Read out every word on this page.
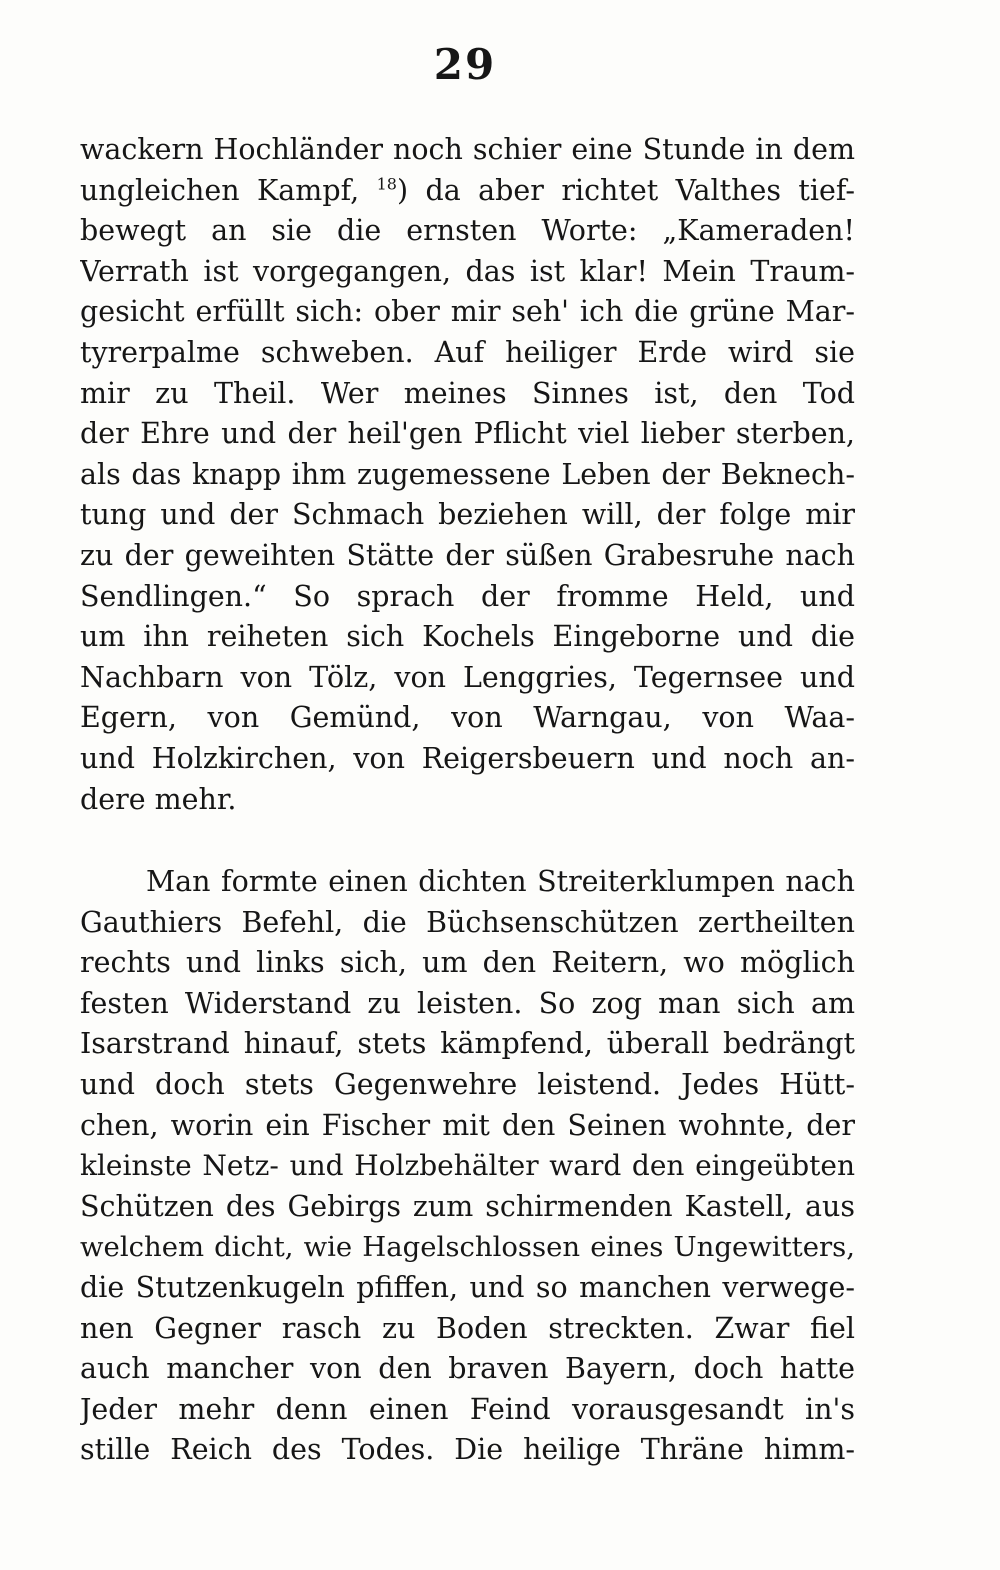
29
wackern Hochländer noch schier eine Stunde in dem
ungleichen Kampf, $^{18}$) da aber richtet Valthes tief-
bewegt an sie die ernsten Worte: „Kameraden!
Verrath ist vorgegangen, das ist klar! Mein Traum-
gesicht erfüllt sich: ober mir seh' ich die grüne Mar-
tyrerpalme schweben. Auf heiliger Erde wird sie
mir zu Theil. Wer meines Sinnes ist, den Tod
der Ehre und der heil'gen Pflicht viel lieber sterben,
als das knapp ihm zugemessene Leben der Beknech-
tung und der Schmach beziehen will, der folge mir
zu der geweihten Stätte der süßen Grabesruhe nach
Sendlingen.“ So sprach der fromme Held, und
um ihn reiheten sich Kochels Eingeborne und die
Nachbarn von Tölz, von Lenggries, Tegernsee und
Egern, von Gemünd, von Warngau, von Waa-
und Holzkirchen, von Reigersbeuern und noch an-
dere mehr.
Man formte einen dichten Streiterklumpen nach
Gauthiers Befehl, die Büchsenschützen zertheilten
rechts und links sich, um den Reitern, wo möglich
festen Widerstand zu leisten. So zog man sich am
Isarstrand hinauf, stets kämpfend, überall bedrängt
und doch stets Gegenwehre leistend. Jedes Hütt-
chen, worin ein Fischer mit den Seinen wohnte, der
kleinste Netz- und Holzbehälter ward den eingeübten
Schützen des Gebirgs zum schirmenden Kastell, aus
welchem dicht, wie Hagelschlossen eines Ungewitters,
die Stutzenkugeln pfiffen, und so manchen verwege-
nen Gegner rasch zu Boden streckten. Zwar fiel
auch mancher von den braven Bayern, doch hatte
Jeder mehr denn einen Feind vorausgesandt in's
stille Reich des Todes. Die heilige Thräne himm-
